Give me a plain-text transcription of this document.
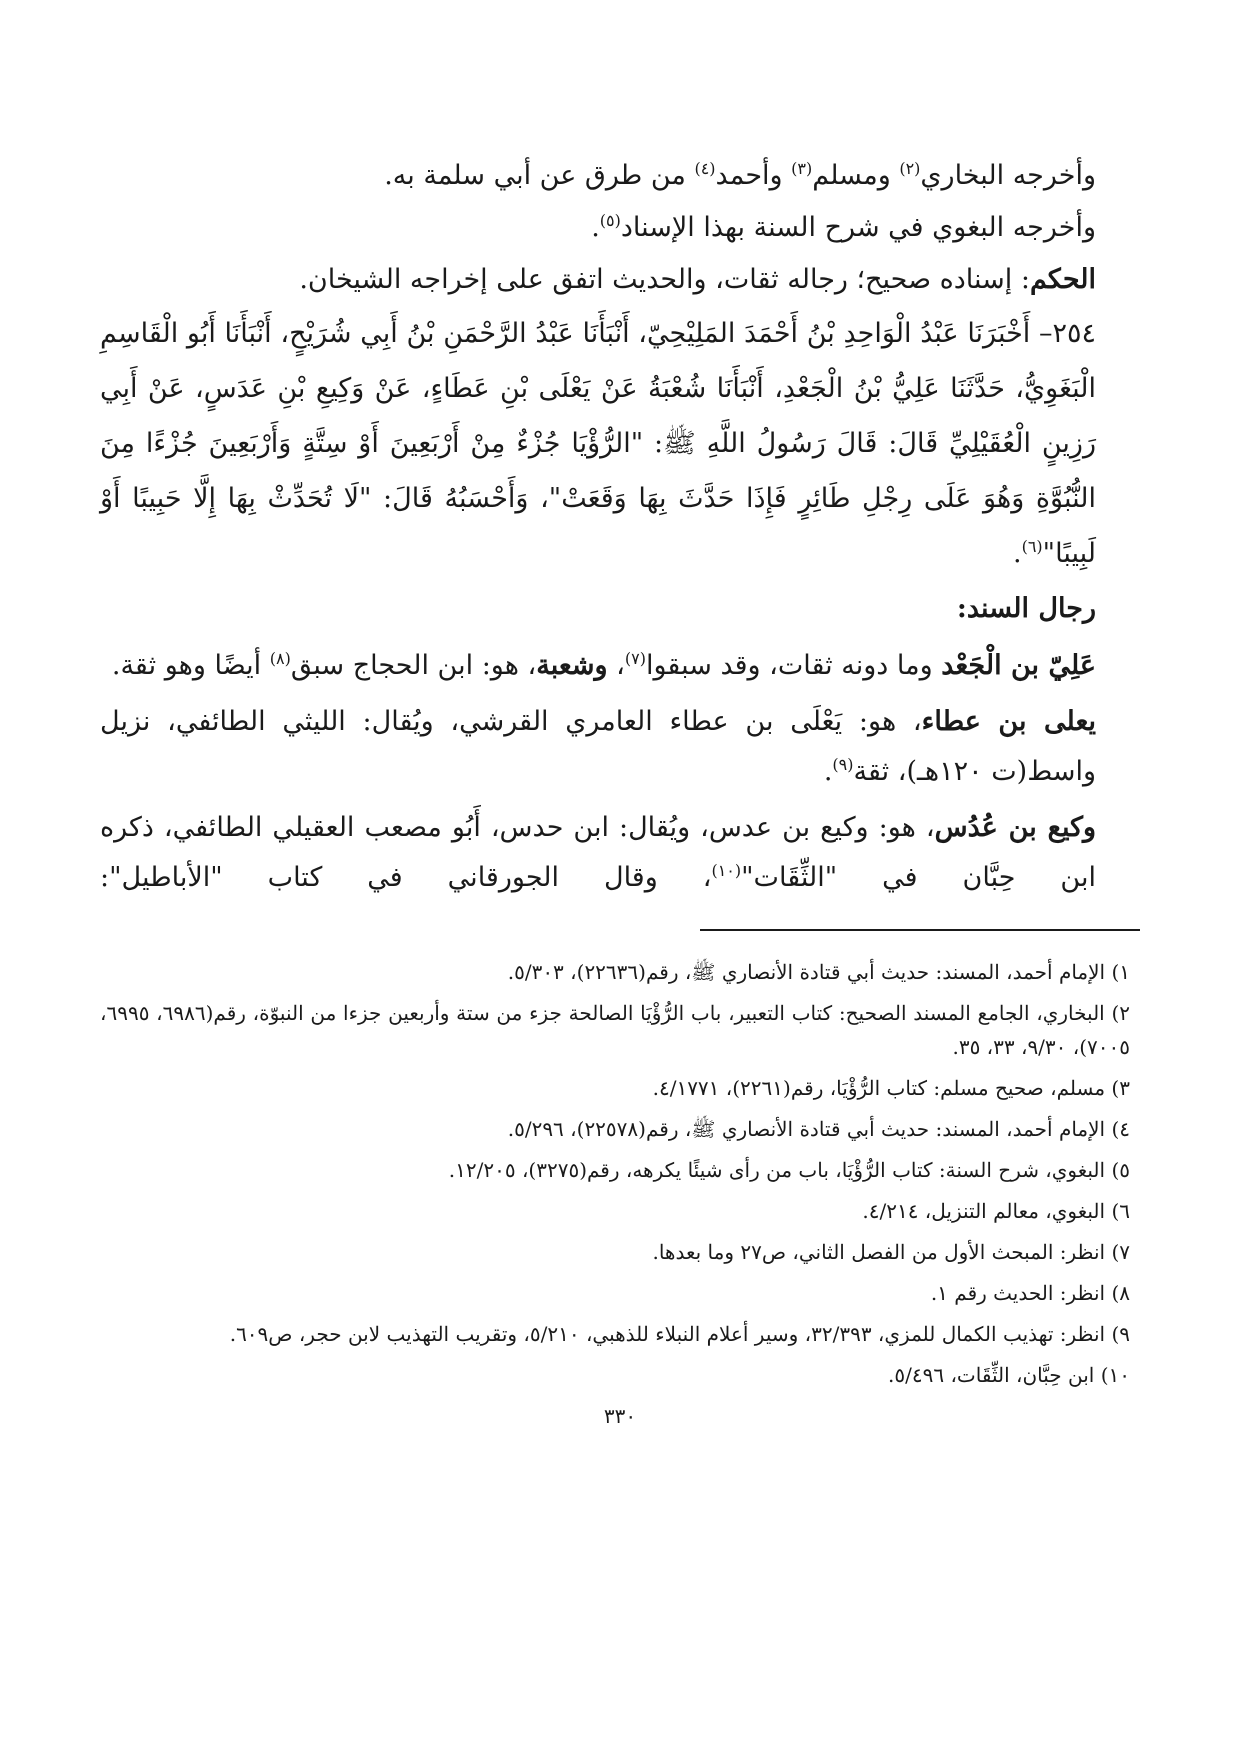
وأخرجه البخاري$^{(٢)}$ ومسلم$^{(٣)}$ وأحمد$^{(٤)}$ من طرق عن أبي سلمة به.

وأخرجه البغوي في شرح السنة بهذا الإسناد$^{(٥)}$.

الحكم: إسناده صحيح؛ رجاله ثقات، والحديث اتفق على إخراجه الشيخان.

٢٥٤– أَخْبَرَنَا عَبْدُ الْوَاحِدِ بْنُ أَحْمَدَ المَلِيْحِيّ، أَنْبَأَنَا عَبْدُ الرَّحْمَنِ بْنُ أَبِي شُرَيْحٍ، أَنْبَأَنَا أَبُو الْقَاسِمِ الْبَغَوِيُّ، حَدَّثَنَا عَلِيُّ بْنُ الْجَعْدِ، أَنْبَأَنَا شُعْبَةُ عَنْ يَعْلَى بْنِ عَطَاءٍ، عَنْ وَكِيعِ بْنِ عَدَسٍ، عَنْ أَبِي رَزِينٍ الْعُقَيْلِيِّ قَالَ: قَالَ رَسُولُ اللَّهِ ﷺ: "الرُّؤْيَا جُزْءٌ مِنْ أَرْبَعِينَ أَوْ سِتَّةٍ وَأَرْبَعِينَ جُزْءًا مِنَ النُّبُوَّةِ وَهُوَ عَلَى رِجْلِ طَائِرٍ فَإِذَا حَدَّثَ بِهَا وَقَعَتْ"، وَأَحْسَبُهُ قَالَ: "لَا تُحَدِّثْ بِهَا إِلَّا حَبِيبًا أَوْ لَبِيبًا"$^{(٦)}$.

رجال السند:

عَلِيّ بن الْجَعْد وما دونه ثقات، وقد سبقوا$^{(٧)}$، وشعبة، هو: ابن الحجاج سبق$^{(٨)}$ أيضًا وهو ثقة.

يعلى بن عطاء، هو: يَعْلَى بن عطاء العامري القرشي، ويُقال: الليثي الطائفي، نزيل واسط(ت ١٢٠هـ)، ثقة$^{(٩)}$.

وكيع بن عُدُس، هو: وكيع بن عدس، ويُقال: ابن حدس، أَبُو مصعب العقيلي الطائفي، ذكره ابن حِبَّان في "الثِّقَات"$^{(١٠)}$، وقال الجورقاني في كتاب "الأباطيل":

١) الإمام أحمد، المسند: حديث أبي قتادة الأنصاري ﷺ، رقم(٢٢٦٣٦)، ٥/٣٠٣.

٢) البخاري، الجامع المسند الصحيح: كتاب التعبير، باب الرُّؤْيَا الصالحة جزء من ستة وأربعين جزءا من النبوّة، رقم(٦٩٨٦، ٦٩٩٥، ٧٠٠٥)، ٩/٣٠، ٣٣، ٣٥.

٣) مسلم، صحيح مسلم: كتاب الرُّؤْيَا، رقم(٢٢٦١)، ٤/١٧٧١.

٤) الإمام أحمد، المسند: حديث أبي قتادة الأنصاري ﷺ، رقم(٢٢٥٧٨)، ٥/٢٩٦.

٥) البغوي، شرح السنة: كتاب الرُّؤْيَا، باب من رأى شيئًا يكرهه، رقم(٣٢٧٥)، ١٢/٢٠٥.

٦) البغوي، معالم التنزيل، ٤/٢١٤.

٧) انظر: المبحث الأول من الفصل الثاني، ص٢٧ وما بعدها.

٨) انظر: الحديث رقم ١.

٩) انظر: تهذيب الكمال للمزي، ٣٢/٣٩٣، وسير أعلام النبلاء للذهبي، ٥/٢١٠، وتقريب التهذيب لابن حجر، ص٦٠٩.

١٠) ابن حِبَّان، الثِّقَات، ٥/٤٩٦.

٣٣٠
